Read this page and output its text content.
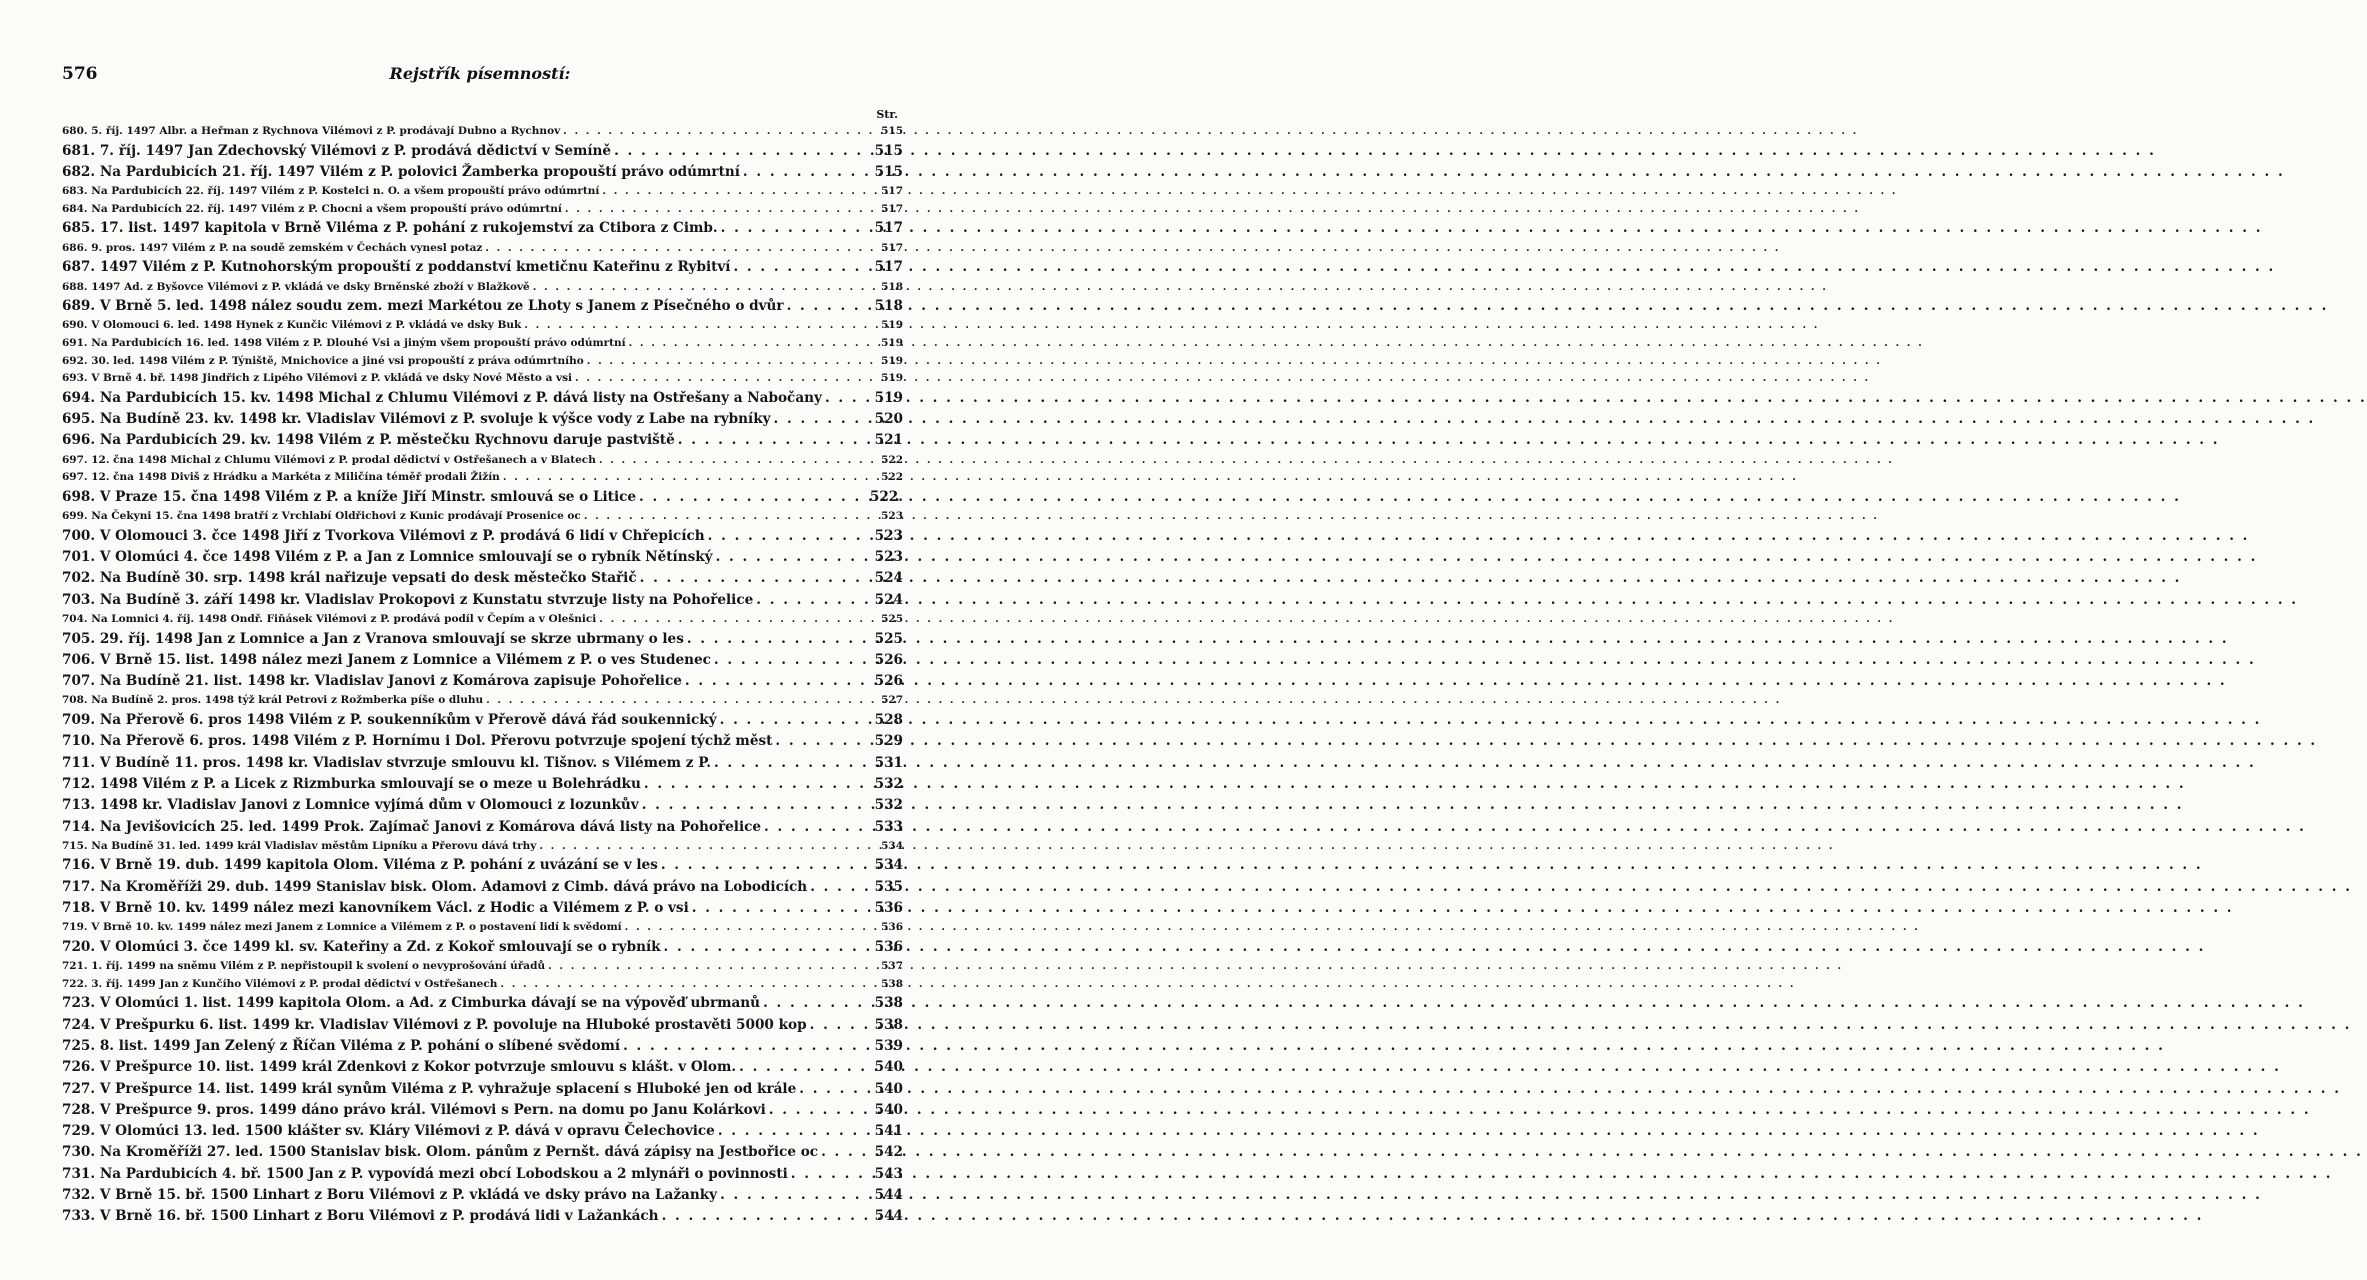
576	Rejstřík písemností:
Str.
680. 5. říj. 1497 Albr. a Heřman z Rychnova Vilémovi z P. prodávají Dubno a Rychnov . . .	515
681. 7. říj. 1497 Jan Zdechovský Vilémovi z P. prodává dědictví v Semíně . . .	515
682. Na Pardubicích 21. říj. 1497 Vilém z P. polovici Žamberka propouští právo odúmrtní . . .	515
683. Na Pardubicích 22. říj. 1497 Vilém z P. Kostelci n. O. a všem propouští právo odúmrtní . . .	517
684. Na Pardubicích 22. říj. 1497 Vilém z P. Chocni a všem propouští právo odúmrtní . . .	517
685. 17. list. 1497 kapitola v Brně Viléma z P. pohání z rukojemství za Ctibora z Cimb. . . .	517
686. 9. pros. 1497 Vilém z P. na soudě zemském v Čechách vynesl potaz . . .	517
687. 1497 Vilém z P. Kutnohorským propouští z poddanství kmetičnu Kateřinu z Rybitví . . .	517
688. 1497 Ad. z Byšovce Vilémovi z P. vkládá ve dsky Brněnské zboží v Blažkově . . .	518
689. V Brně 5. led. 1498 nález soudu zem. mezi Markétou ze Lhoty s Janem z Písečného o dvůr . . .	518
690. V Olomouci 6. led. 1498 Hynek z Kunčic Vilémovi z P. vkládá ve dsky Buk . . .	519
691. Na Pardubicích 16. led. 1498 Vilém z P. Dlouhé Vsi a jiným všem propouští právo odúmrtní . . .	519
692. 30. led. 1498 Vilém z P. Týniště, Mnichovice a jiné vsi propouští z práva odúmrtního . . .	519
693. V Brně 4. bř. 1498 Jindřich z Lipého Vilémovi z P. vkládá ve dsky Nové Město a vsi . . .	519
694. Na Pardubicích 15. kv. 1498 Michal z Chlumu Vilémovi z P. dává listy na Ostřešany a Nabočany . . .	519
695. Na Budíně 23. kv. 1498 kr. Vladislav Vilémovi z P. svoluje k výšce vody z Labe na rybníky . . .	520
696. Na Pardubicích 29. kv. 1498 Vilém z P. městečku Rychnovu daruje pastviště . . .	521
697. 12. čna 1498 Michal z Chlumu Vilémovi z P. prodal dědictví v Ostřešanech a v Blatech . . .	522
697. 12. čna 1498 Diviš z Hrádku a Markéta z Miličína téměř prodali Žižín . . .	522
698. V Praze 15. čna 1498 Vilém z P. a kníže Jiří Minstr. smlouvá se o Litice . . .	522.
699. Na Čekyni 15. čna 1498 bratří z Vrchlabí Oldřichovi z Kunic prodávají Prosenice oc . . .	523
700. V Olomouci 3. čce 1498 Jiří z Tvorkova Vilémovi z P. prodává 6 lidí v Chřepicích . . .	523
701. V Olomúci 4. čce 1498 Vilém z P. a Jan z Lomnice smlouvají se o rybník Nětínský . . .	523
702. Na Budíně 30. srp. 1498 král nařizuje vepsati do desk městečko Stařič . . .	524
703. Na Budíně 3. září 1498 kr. Vladislav Prokopovi z Kunstatu stvrzuje listy na Pohořelice . . .	524
704. Na Lomnici 4. říj. 1498 Ondř. Fiňásek Vilémovi z P. prodává podíl v Čepím a v Olešnici . . .	525
705. 29. říj. 1498 Jan z Lomnice a Jan z Vranova smlouvají se skrze ubrmany o les . . .	525
706. V Brně 15. list. 1498 nález mezi Janem z Lomnice a Vilémem z P. o ves Studenec . . .	526
707. Na Budíně 21. list. 1498 kr. Vladislav Janovi z Komárova zapisuje Pohořelice . . .	526
708. Na Budíně 2. pros. 1498 týž král Petrovi z Rožmberka píše o dluhu . . .	527
709. Na Přerově 6. pros 1498 Vilém z P. soukenníkům v Přerově dává řád soukennický . . .	528
710. Na Přerově 6. pros. 1498 Vilém z P. Hornímu i Dol. Přerovu potvrzuje spojení týchž měst . . .	529
711. V Budíně 11. pros. 1498 kr. Vladislav stvrzuje smlouvu kl. Tišnov. s Vilémem z P. . . .	531
712. 1498 Vilém z P. a Licek z Rizmburka smlouvají se o meze u Bolehrádku . . .	532
713. 1498 kr. Vladislav Janovi z Lomnice vyjímá dům v Olomouci z lozunkův . . .	532
714. Na Jevišovicích 25. led. 1499 Prok. Zajímač Janovi z Komárova dává listy na Pohořelice . . .	533
715. Na Budíně 31. led. 1499 král Vladislav městům Lipníku a Přerovu dává trhy . . .	534
716. V Brně 19. dub. 1499 kapitola Olom. Viléma z P. pohání z uvázání se v les . . .	534
717. Na Kroměříži 29. dub. 1499 Stanislav bisk. Olom. Adamovi z Cimb. dává právo na Lobodicích . . .	535
718. V Brně 10. kv. 1499 nález mezi kanovníkem Václ. z Hodic a Vilémem z P. o vsi . . .	536
719. V Brně 10. kv. 1499 nález mezi Janem z Lomnice a Vilémem z P. o postavení lidí k svědomí . . .	536
720. V Olomúci 3. čce 1499 kl. sv. Kateřiny a Zd. z Kokoř smlouvají se o rybník . . .	536
721. 1. říj. 1499 na sněmu Vilém z P. nepřistoupil k svolení o nevyprošování úřadů . . .	537
722. 3. říj. 1499 Jan z Kunčího Vilémovi z P. prodal dědictví v Ostřešanech . . .	538
723. V Olomúci 1. list. 1499 kapitola Olom. a Ad. z Cimburka dávají se na výpověď ubrmanů . . .	538
724. V Prešpurku 6. list. 1499 kr. Vladislav Vilémovi z P. povoluje na Hluboké prostavěti 5000 kop . . .	538
725. 8. list. 1499 Jan Zelený z Říčan Viléma z P. pohání o slíbené svědomí . . .	539
726. V Prešpurce 10. list. 1499 král Zdenkovi z Kokor potvrzuje smlouvu s klášt. v Olom. . . .	540
727. V Prešpurce 14. list. 1499 král synům Viléma z P. vyhražuje splacení s Hluboké jen od krále . . .	540
728. V Prešpurce 9. pros. 1499 dáno právo král. Vilémovi s Pern. na domu po Janu Kolárkovi . . .	540
729. V Olomúci 13. led. 1500 klášter sv. Kláry Vilémovi z P. dává v opravu Čelechovice . . .	541
730. Na Kroměříži 27. led. 1500 Stanislav bisk. Olom. pánům z Pernšt. dává zápisy na Jestbořice oc . . .	542
731. Na Pardubicích 4. bř. 1500 Jan z P. vypovídá mezi obcí Lobodskou a 2 mlynáři o povinnosti . . .	543
732. V Brně 15. bř. 1500 Linhart z Boru Vilémovi z P. vkládá ve dsky právo na Lažanky . . .	544
733. V Brně 16. bř. 1500 Linhart z Boru Vilémovi z P. prodává lidi v Lažankách . . .	544
